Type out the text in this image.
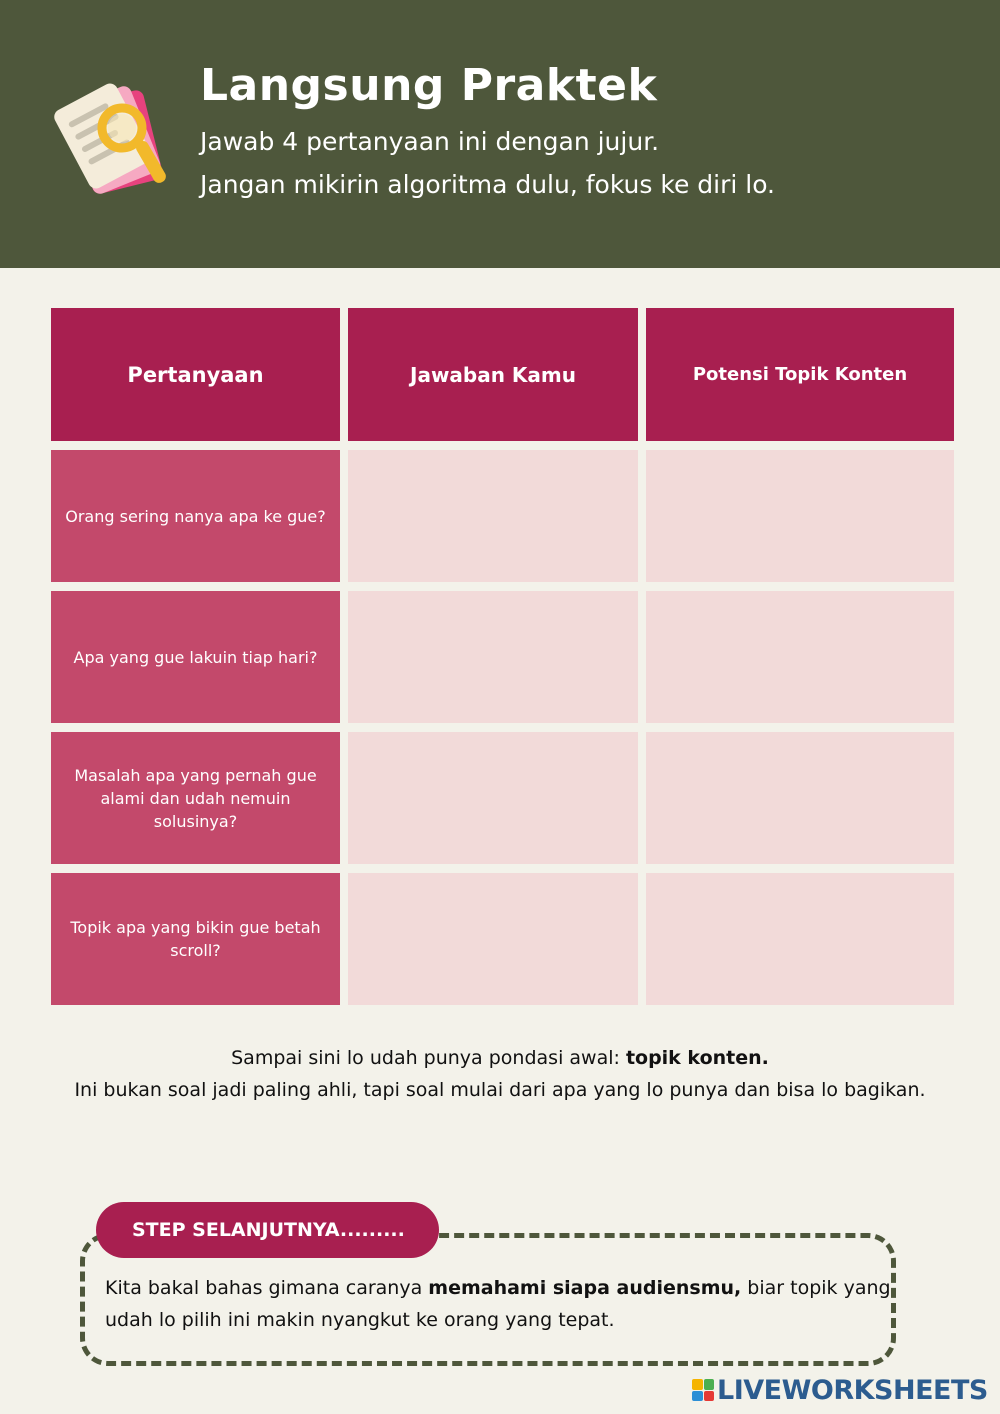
Langsung Praktek
Jawab 4 pertanyaan ini dengan jujur.
Jangan mikirin algoritma dulu, fokus ke diri lo.
Pertanyaan	Jawaban Kamu	Potensi Topik Konten
Orang sering nanya apa ke gue?
Apa yang gue lakuin tiap hari?
Masalah apa yang pernah gue alami dan udah nemuin solusinya?
Topik apa yang bikin gue betah scroll?
Sampai sini lo udah punya pondasi awal: topik konten.
Ini bukan soal jadi paling ahli, tapi soal mulai dari apa yang lo punya dan bisa lo bagikan.
STEP SELANJUTNYA.........
Kita bakal bahas gimana caranya memahami siapa audiensmu, biar topik yang udah lo pilih ini makin nyangkut ke orang yang tepat.
LIVEWORKSHEETS
